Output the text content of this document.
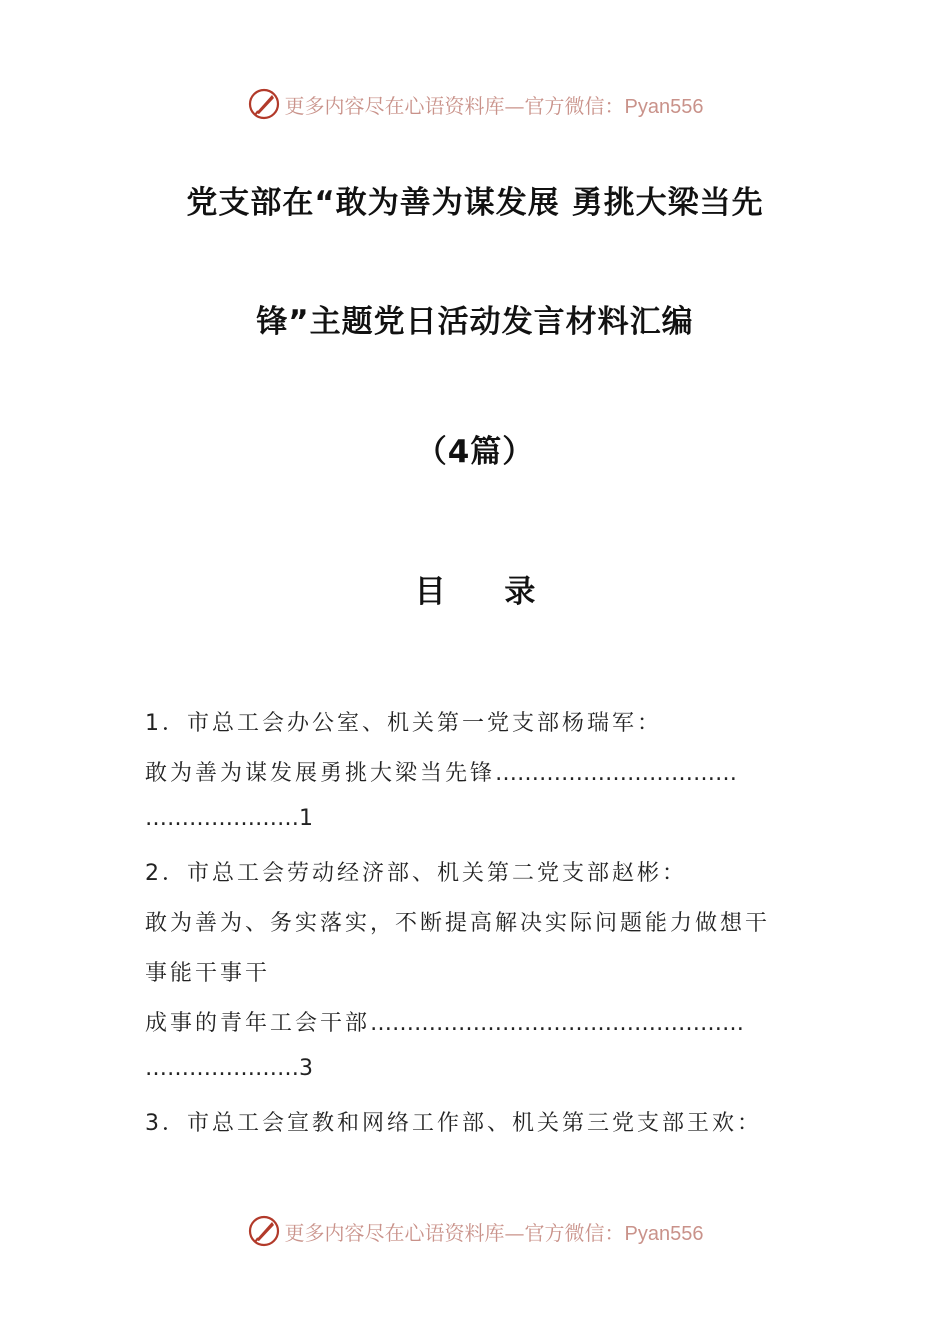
更多内容尽在心语资料库—官方微信：Pyan556
党支部在“敢为善为谋发展 勇挑大梁当先
锋”主题党日活动发言材料汇编
（4篇）
目 录
1．市总工会办公室、机关第一党支部杨瑞军：
敢为善为谋发展勇挑大梁当先锋……………………………
…………………1
2．市总工会劳动经济部、机关第二党支部赵彬：
敢为善为、务实落实，不断提高解决实际问题能力做想干
事能干事干
成事的青年工会干部……………………………………………
…………………3
3．市总工会宣教和网络工作部、机关第三党支部王欢：
更多内容尽在心语资料库—官方微信：Pyan556
